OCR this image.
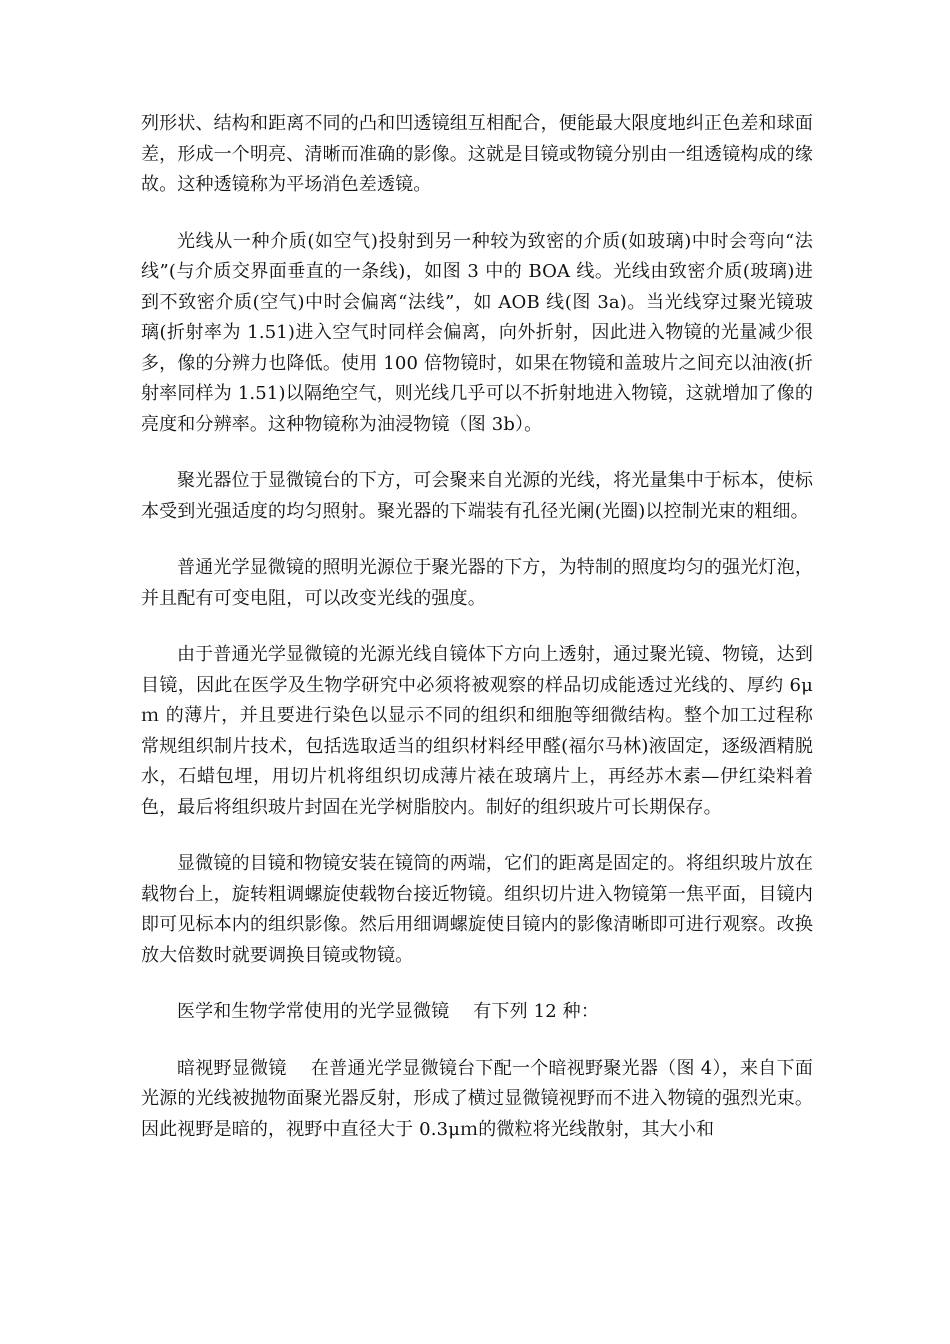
列形状、结构和距离不同的凸和凹透镜组互相配合，便能最大限度地纠正色差和球面差，形成一个明亮、清晰而准确的影像。这就是目镜或物镜分别由一组透镜构成的缘故。这种透镜称为平场消色差透镜。

光线从一种介质(如空气)投射到另一种较为致密的介质(如玻璃)中时会弯向“法线”(与介质交界面垂直的一条线)，如图 3 中的 BOA 线。光线由致密介质(玻璃)进到不致密介质(空气)中时会偏离“法线”，如 AOB 线(图 3a)。当光线穿过聚光镜玻璃(折射率为 1.51)进入空气时同样会偏离，向外折射，因此进入物镜的光量减少很多，像的分辨力也降低。使用 100 倍物镜时，如果在物镜和盖玻片之间充以油液(折射率同样为 1.51)以隔绝空气，则光线几乎可以不折射地进入物镜，这就增加了像的亮度和分辨率。这种物镜称为油浸物镜（图 3b）。

聚光器位于显微镜台的下方，可会聚来自光源的光线，将光量集中于标本，使标本受到光强适度的均匀照射。聚光器的下端装有孔径光阑(光圈)以控制光束的粗细。

普通光学显微镜的照明光源位于聚光器的下方，为特制的照度均匀的强光灯泡，并且配有可变电阻，可以改变光线的强度。

由于普通光学显微镜的光源光线自镜体下方向上透射，通过聚光镜、物镜，达到目镜，因此在医学及生物学研究中必须将被观察的样品切成能透过光线的、厚约 6μｍ 的薄片，并且要进行染色以显示不同的组织和细胞等细微结构。整个加工过程称常规组织制片技术，包括选取适当的组织材料经甲醛(福尔马林)液固定，逐级酒精脱水，石蜡包埋，用切片机将组织切成薄片裱在玻璃片上，再经苏木素—伊红染料着色，最后将组织玻片封固在光学树脂胶内。制好的组织玻片可长期保存。

显微镜的目镜和物镜安装在镜筒的两端，它们的距离是固定的。将组织玻片放在载物台上，旋转粗调螺旋使载物台接近物镜。组织切片进入物镜第一焦平面，目镜内即可见标本内的组织影像。然后用细调螺旋使目镜内的影像清晰即可进行观察。改换放大倍数时就要调换目镜或物镜。

医学和生物学常使用的光学显微镜　 有下列 12 种：

暗视野显微镜　 在普通光学显微镜台下配一个暗视野聚光器（图 4），来自下面光源的光线被抛物面聚光器反射，形成了横过显微镜视野而不进入物镜的强烈光束。因此视野是暗的，视野中直径大于 0.3μｍ的微粒将光线散射，其大小和
